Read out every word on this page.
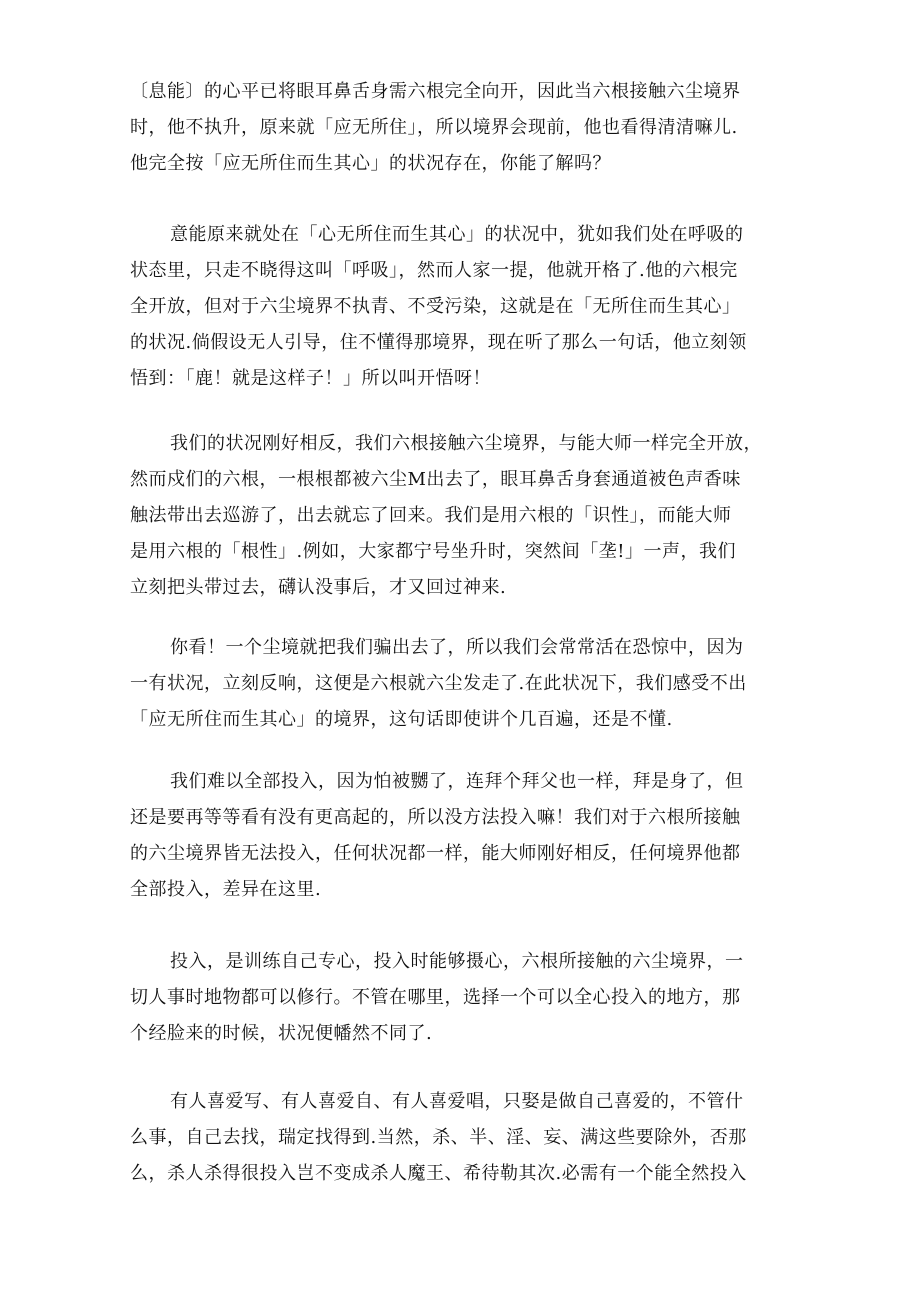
〔息能〕的心平已将眼耳鼻舌身需六根完全向开，因此当六根接触六尘境界
时，他不执升，原来就「应无所住」，所以境界会现前，他也看得清清嘛儿.
他完全按「应无所住而生其心」的状况存在，你能了解吗？
意能原来就处在「心无所住而生其心」的状况中，犹如我们处在呼吸的
状态里，只走不晓得这叫「呼吸」，然而人家一提，他就开格了.他的六根完
全开放，但对于六尘境界不执青、不受污染，这就是在「无所住而生其心」
的状况.倘假设无人引导，住不懂得那境界，现在听了那么一句话，他立刻领
悟到：「鹿！就是这样子！」所以叫开悟呀！
我们的状况刚好相反，我们六根接触六尘境界，与能大师一样完全开放，
然而戍们的六根，一根根都被六尘M出去了，眼耳鼻舌身套通道被色声香味
触法带出去巡游了，出去就忘了回来。我们是用六根的「识性」，而能大师
是用六根的「根性」.例如，大家都宁号坐升时，突然间「垄!」一声，我们
立刻把头带过去，礴认没事后，才又回过神来.
你看！一个尘境就把我们骗出去了，所以我们会常常活在恐惊中，因为
一有状况，立刻反响，这便是六根就六尘发走了.在此状况下，我们感受不出
「应无所住而生其心」的境界，这句话即使讲个几百遍，还是不懂.
我们难以全部投入，因为怕被嬲了，连拜个拜父也一样，拜是身了，但
还是要再等等看有没有更高起的，所以没方法投入嘛！我们对于六根所接触
的六尘境界皆无法投入，任何状况都一样，能大师刚好相反，任何境界他都
全部投入，差异在这里.
投入，是训练自己专心，投入时能够摄心，六根所接触的六尘境界，一
切人事时地物都可以修行。不管在哪里，选择一个可以全心投入的地方，那
个经脸来的时候，状况便幡然不同了.
有人喜爱写、有人喜爱自、有人喜爱唱，只娶是做自己喜爱的，不管什
么事，自己去找，瑞定找得到.当然，杀、半、淫、妄、满这些要除外，否那
么，杀人杀得很投入岂不变成杀人魔王、希待勒其次.必需有一个能全然投入
